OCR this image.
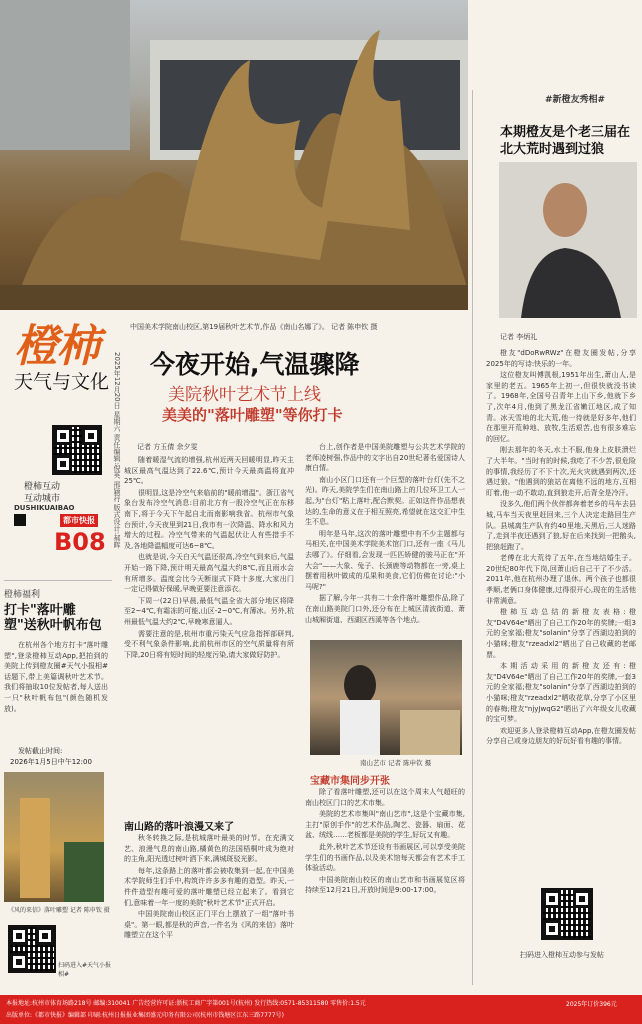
#新橙友秀相#
橙柿
天气与文化 2025年12月20日 星期六 责任编辑:倪英 邢颖荇 版式设计:郝晖
橙柿互动
互动城市
DUSHIKUAIBAO
都市快报
B08
橙柿福利
打卡"落叶雕塑"送秋叶帆布包

在杭州各个地方打卡"落叶雕塑",登录橙柿互动App,把拍到的美院上传到橙友圈#天气小报相#话题下,带上美篇调秋叶艺术节。我们将抽取10位发帖者,每人送出一只"秋叶帆布包"(颜色随机发放)。

发帖截止时间:
2026年1月5日中午12:00
《风的来信》落叶雕塑 记者 陈申钦 摄
扫码进入#天气小报相#
中国美术学院南山校区,第19届秋叶艺术节,作品《南山名娜了》。 记者 陈申钦 摄
今夜开始,气温骤降
美院秋叶艺术节上线
美美的"落叶雕塑"等你打卡
记者 方玉倩 余夕雯

随着暖湿气流的增强,杭州近两天回暖明显,昨天主城区最高气温达到了22.6℃,预计今天最高温将直冲25℃。

很明显,这是冷空气来临前的"暖前增温"。浙江省气象台发布冷空气消息:目前北方有一股冷空气正在东移南下,将于今天下午起自北而南影响我省。杭州市气象台预计,今天夜里到21日,我市有一次降温、降水和风力增大的过程。冷空气带来的气温起伏让人有些措手不及,各地降温幅度可达6~8℃。

也就是说,今天白天气温还很高,冷空气到来后,气温开始一路下降,预计明天最高气温大约8℃,而且雨水会有所增多。温度会比今天断崖式下降十多度,大家出门一定记得做好保暖,早晚更要注意添衣。

下周一(22日)早晨,最低气温全省大部分地区将降至2~4℃,有霜冻的可能,山区-2~0℃,有薄冰。另外,杭州最低气温大约2℃,早晚寒意逼人。

需要注意的是,杭州市重污染天气应急指挥部研判,受不利气象条件影响,此前杭州市区的空气质量将有所下降,20日将有短时间的轻度污染,请大家做好防护。

南山路的落叶浪漫又来了

秋冬转换之际,是杭城落叶最美的时节。在充满文艺、浪漫气息的南山路,橘黄色的法国梧桐叶成为绝对的主角,阳光透过树叶洒下来,满城斑驳光影。

每年,这条路上的落叶都会被收集到一起,在中国美术学院师生们手中,构筑许许多多有趣的造型。昨天,一件件造型有趣可爱的落叶雕塑已经立起来了。看到它们,意味着一年一度的美院"秋叶艺术节"正式开启。

中国美院南山校区正门平台上摆放了一组"落叶书桌"。第一眼,都是秋的声音,一件名为《风的来信》落叶雕塑立在这个平

台上,创作者是中国美院雕塑与公共艺术学院的老师凌树强,作品中的文字出自20世纪著名爱国诗人康白情。

南山小区门口还有一个巨型的落叶台灯(先不之光)。昨天,美院学生们在南山路上的几位环卫工人一起,为"台灯"粘上落叶,配合默契。正如这件作品想表达的,生命的意义在于相互照亮,希望就在这交汇中生生不息。

明年是马年,这次的落叶雕塑中有不少主题都与马相关,在中国美术学院美术馆门口,还有一座《马儿去哪了》。仔细看,会发现一匹匹矫健的骏马正在"开大会"——大象、兔子、长颈鹿等动物都在一旁,桌上摆着用秋叶做成的瓜果和美食,它们仿佛在讨论:"小马呢?"

据了解,今年一共有二十余件落叶雕塑作品,除了在南山路美院门口外,还分布在上城区清波街道、萧山城厢街道、西湖区西溪等各个地点。

南山艺市 记者 陈申钦 摄
宝藏市集同步开张

除了看落叶雕塑,还可以在这个周末人气超旺的南山校区门口的艺术市集。

美院的艺术市集叫"南山艺市",这是个宝藏市集,主打"原创手作"的艺术作品,陶艺、瓷器、扇面、花盆、绒线……老板都是美院的学生,好玩又有趣。

此外,秋叶艺术节还设有书画展区,可以享受美院学生们的书画作品,以及美术馆每天都会有艺术手工体验活动。

中国美院南山校区的南山艺市和书画展览区将持续至12月21日,开放时间是9:00-17:00。

本期橙友是个老三届在北大荒时遇到过狼
记者 李炳礼

橙友"dDoRwRWz"在橙友圈发帖,分享2025年的写诗:快乐的一年。

这位橙友叫傅凯根,1951年出生,萧山人,是家里的老五。1965年上初一,但很快就没书读了。1968年,全国号召青年上山下乡,他就下乡了,次年4月,他到了黑龙江省嫩江地区,成了知青。冰天雪地的北大荒,他一待就是好多年,他们在那里开荒种地、放牧,生活艰苦,也有很多难忘的回忆。

刚去那年的冬天,水土不服,他身上皮肤溃烂了大半年。"当时有的时候,我吃了不少苦,很危险的事情,我经历了不下十次,光火灾就遇到两次,还遇过狼。"他遇到的狼站在离他不远的地方,互相盯着,他一动不敢动,直到狼走开,后背全是冷汗。

没多久,他们两个伙伴都奔着老乡的马车去县城,马车当天夜里赶回来,三个人决定走路回生产队。县城离生产队有约40里地,天黑后,三人迷路了,走到半夜还遇到了狼,好在后来找到一把鹅头,把狼赶跑了。

老傅在北大荒待了五年,在当地结婚生子。20世纪80年代下岗,回萧山后自己干了不少活。2011年,他在杭州办理了退休。两个孩子也都很孝顺,老俩口身体健康,过得很开心,现在的生活他非常满意。

橙柿互动总结的新橙友表格:橙友"D4V64e"晒出了自己工作20年的奖牌;一组3元的全家福;橙友"solanin"分享了西湖边拍到的小猫咪;橙友"rzeadxl2"晒出了自己收藏的老邮票。

本期活动采用的新橙友还有:橙友"D4V64e"晒出了自己工作20年的奖牌,一套3元的全家福;橙友"solanin"分享了西湖边拍到的小猫咪;橙友"rzeadxl2"晒收花草,分享了小区里的春梅;橙友"njyJwqG2"晒出了六年级女儿收藏的宝可梦。

欢迎更多人登录橙柿互动App,在橙友圈发帖分享自己或身边朋友的好玩好看有趣的事情。

扫码进入橙柿互动参与发帖
本报地址:杭州市体育场路218号 邮编:310041 广告经营许可证:浙杭工商广字第001号(杭州) 发行热线:0571-85311580 零售价:1.5元
出版单位:《都市快报》编辑部 印刷:杭州日报报业集团盛元印务有限公司(杭州市钱塘区江东三路7777号)
2025年订价396元
